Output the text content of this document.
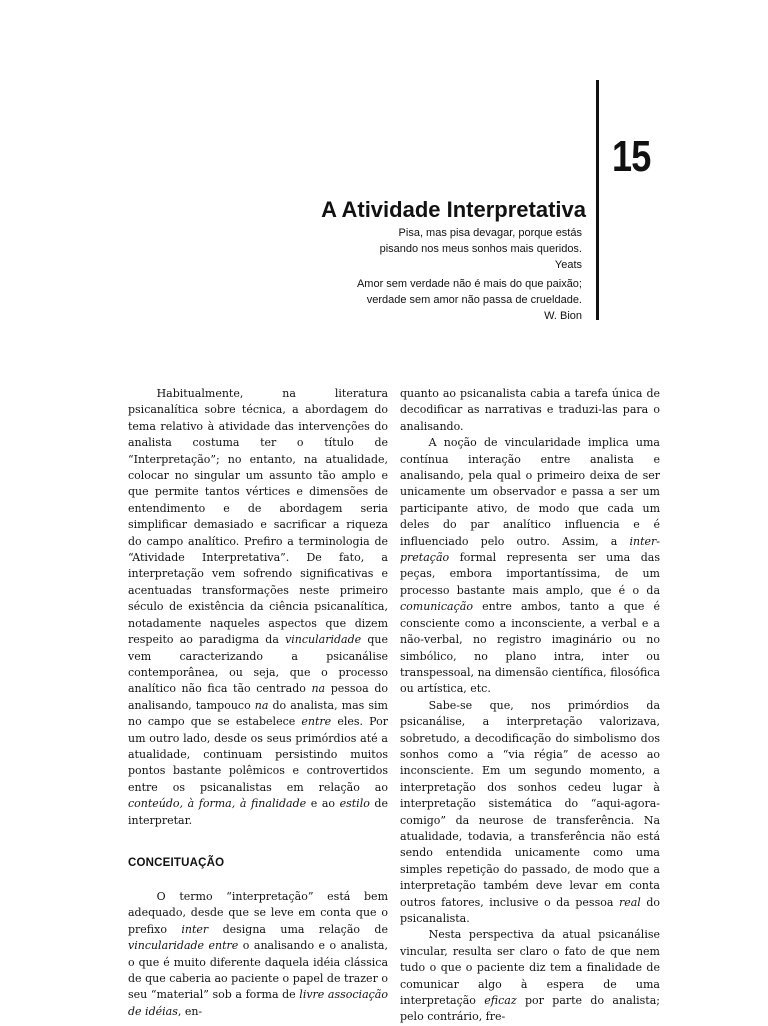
15
A Atividade Interpretativa
Pisa, mas pisa devagar, porque estás
pisando nos meus sonhos mais queridos.
Yeats
Amor sem verdade não é mais do que paixão;
verdade sem amor não passa de crueldade.
W. Bion

Habitualmente, na literatura psicanalítica sobre técnica, a abordagem do tema relativo à atividade das intervenções do analista costuma ter o título de “Interpretação”; no entanto, na atualidade, colocar no singular um assunto tão amplo e que permite tantos vértices e dimensões de entendimento e de abordagem seria simplificar demasiado e sacrificar a riqueza do campo analítico. Prefiro a terminologia de “Atividade Interpretativa”. De fato, a interpretação vem sofrendo significativas e acentuadas transformações neste primeiro século de existência da ciência psicanalítica, notadamente naqueles aspectos que dizem respeito ao paradigma da vincularidade que vem caracterizando a psicanálise contemporânea, ou seja, que o processo analítico não fica tão centrado na pessoa do analisando, tampouco na do analista, mas sim no campo que se estabelece entre eles. Por um outro lado, desde os seus primórdios até a atualidade, continuam persistindo muitos pontos bastante polêmicos e controvertidos entre os psicanalistas em relação ao conteúdo, à forma, à finalidade e ao estilo de interpretar.

CONCEITUAÇÃO

O termo “interpretação” está bem adequado, desde que se leve em conta que o prefixo inter designa uma relação de vincularidade entre o analisando e o analista, o que é muito diferente daquela idéia clássica de que caberia ao paciente o papel de trazer o seu “material” sob a forma de livre associação de idéias, en-

quanto ao psicanalista cabia a tarefa única de decodificar as narrativas e traduzi-las para o analisando.

A noção de vincularidade implica uma contínua interação entre analista e analisando, pela qual o primeiro deixa de ser unicamente um observador e passa a ser um participante ativo, de modo que cada um deles do par analítico influencia e é influenciado pelo outro. Assim, a inter-pretação formal representa ser uma das peças, embora importantíssima, de um processo bastante mais amplo, que é o da comunicação entre ambos, tanto a que é consciente como a inconsciente, a verbal e a não-verbal, no registro imaginário ou no simbólico, no plano intra, inter ou transpessoal, na dimensão científica, filosófica ou artística, etc.

Sabe-se que, nos primórdios da psicanálise, a interpretação valorizava, sobretudo, a decodificação do simbolismo dos sonhos como a “via régia” de acesso ao inconsciente. Em um segundo momento, a interpretação dos sonhos cedeu lugar à interpretação sistemática do “aqui-agora-comigo” da neurose de transferência. Na atualidade, todavia, a transferência não está sendo entendida unicamente como uma simples repetição do passado, de modo que a interpretação também deve levar em conta outros fatores, inclusive o da pessoa real do psicanalista.

Nesta perspectiva da atual psicanálise vincular, resulta ser claro o fato de que nem tudo o que o paciente diz tem a finalidade de comunicar algo à espera de uma interpretação eficaz por parte do analista; pelo contrário, fre-
